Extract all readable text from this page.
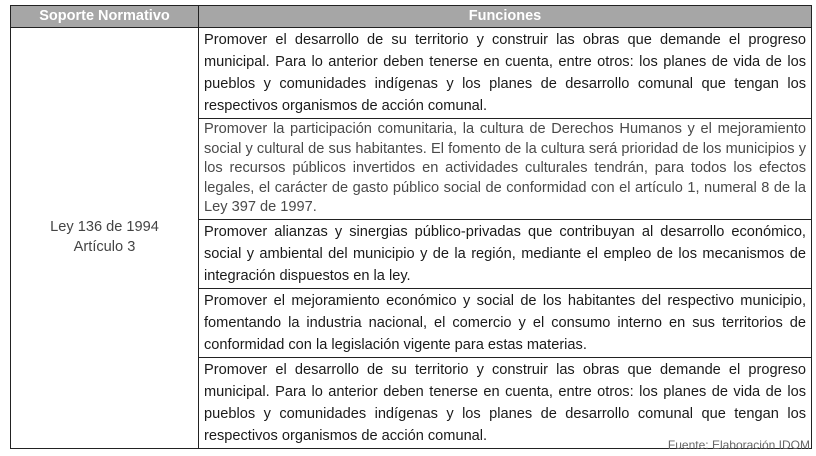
Soporte Normativo	Funciones

Ley 136 de 1994
Artículo 3	Promover el desarrollo de su territorio y construir las obras que demande el progreso municipal. Para lo anterior deben tenerse en cuenta, entre otros: los planes de vida de los pueblos y comunidades indígenas y los planes de desarrollo comunal que tengan los respectivos organismos de acción comunal.
	Promover la participación comunitaria, la cultura de Derechos Humanos y el mejoramiento social y cultural de sus habitantes. El fomento de la cultura será prioridad de los municipios y los recursos públicos invertidos en actividades culturales tendrán, para todos los efectos legales, el carácter de gasto público social de conformidad con el artículo 1, numeral 8 de la Ley 397 de 1997.
	Promover alianzas y sinergias público-privadas que contribuyan al desarrollo económico, social y ambiental del municipio y de la región, mediante el empleo de los mecanismos de integración dispuestos en la ley.
	Promover el mejoramiento económico y social de los habitantes del respectivo municipio, fomentando la industria nacional, el comercio y el consumo interno en sus territorios de conformidad con la legislación vigente para estas materias.
	Promover el desarrollo de su territorio y construir las obras que demande el progreso municipal. Para lo anterior deben tenerse en cuenta, entre otros: los planes de vida de los pueblos y comunidades indígenas y los planes de desarrollo comunal que tengan los respectivos organismos de acción comunal.
Fuente: Elaboración IDOM
